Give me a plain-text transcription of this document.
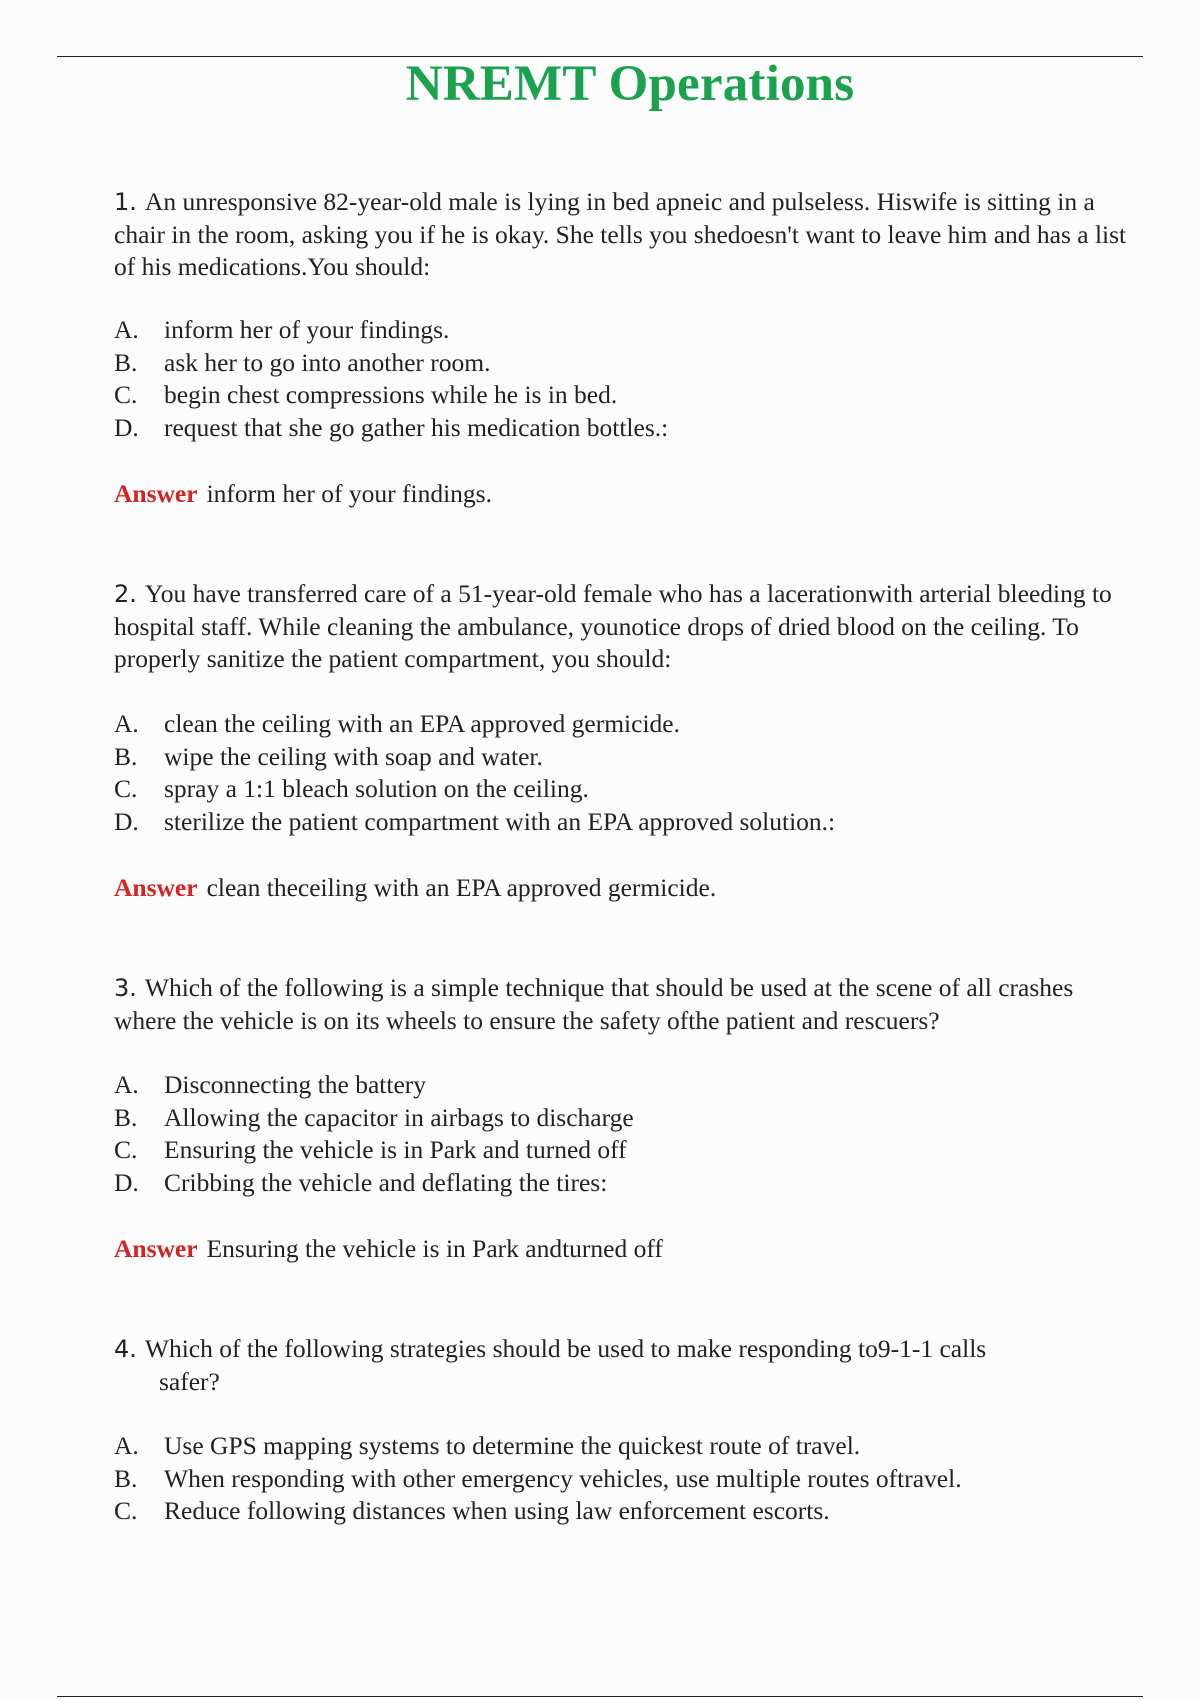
NREMT Operations
1. An unresponsive 82-year-old male is lying in bed apneic and pulseless. Hiswife is sitting in a chair in the room, asking you if he is okay. She tells you shedoesn't want to leave him and has a list of his medications.You should:
A. inform her of your findings.
B.	ask her to go into another room.
C.	begin chest compressions while he is in bed.
D. request that she go gather his medication bottles.:
Answer inform her of your findings.
2. You have transferred care of a 51-year-old female who has a lacerationwith arterial bleeding to hospital staff. While cleaning the ambulance, younotice drops of dried blood on the ceiling. To properly sanitize the patient compartment, you should:
A. clean the ceiling with an EPA approved germicide.
B.	wipe the ceiling with soap and water.
C.	spray a 1:1 bleach solution on the ceiling.
D. sterilize the patient compartment with an EPA approved solution.:
Answer clean theceiling with an EPA approved germicide.
3. Which of the following is a simple technique that should be used at the scene of all crashes where the vehicle is on its wheels to ensure the safety ofthe patient and rescuers?
A. Disconnecting the battery
B.	Allowing the capacitor in airbags to discharge
C.	Ensuring the vehicle is in Park and turned off
D. Cribbing the vehicle and deflating the tires:
Answer Ensuring the vehicle is in Park andturned off
4. Which of the following strategies should be used to make responding to9-1-1 calls
safer?
A. Use GPS mapping systems to determine the quickest route of travel.
B.	When responding with other emergency vehicles, use multiple routes oftravel.
C.	Reduce following distances when using law enforcement escorts.
